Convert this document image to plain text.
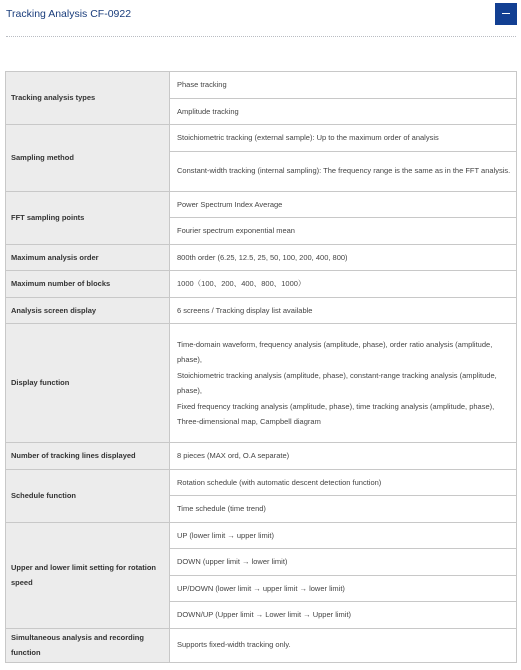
Tracking Analysis CF-0922
Tracking analysis types	Phase tracking
	Amplitude tracking
Sampling method	Stoichiometric tracking (external sample): Up to the maximum order of analysis
	Constant-width tracking (internal sampling): The frequency range is the same as in the FFT analysis.
FFT sampling points	Power Spectrum Index Average
	Fourier spectrum exponential mean
Maximum analysis order	800th order (6.25, 12.5, 25, 50, 100, 200, 400, 800)
Maximum number of blocks	1000（100、200、400、800、1000）
Analysis screen display	6 screens / Tracking display list available
Display function	Time-domain waveform, frequency analysis (amplitude, phase), order ratio analysis (amplitude, phase),
Stoichiometric tracking analysis (amplitude, phase), constant-range tracking analysis (amplitude, phase),
Fixed frequency tracking analysis (amplitude, phase), time tracking analysis (amplitude, phase),
Three-dimensional map, Campbell diagram
Number of tracking lines displayed	8 pieces (MAX ord, O.A separate)
Schedule function	Rotation schedule (with automatic descent detection function)
	Time schedule (time trend)
Upper and lower limit setting for rotation speed	UP (lower limit → upper limit)
	DOWN (upper limit → lower limit)
	UP/DOWN (lower limit → upper limit → lower limit)
	DOWN/UP (Upper limit → Lower limit → Upper limit)
Simultaneous analysis and recording function	Supports fixed-width tracking only.
